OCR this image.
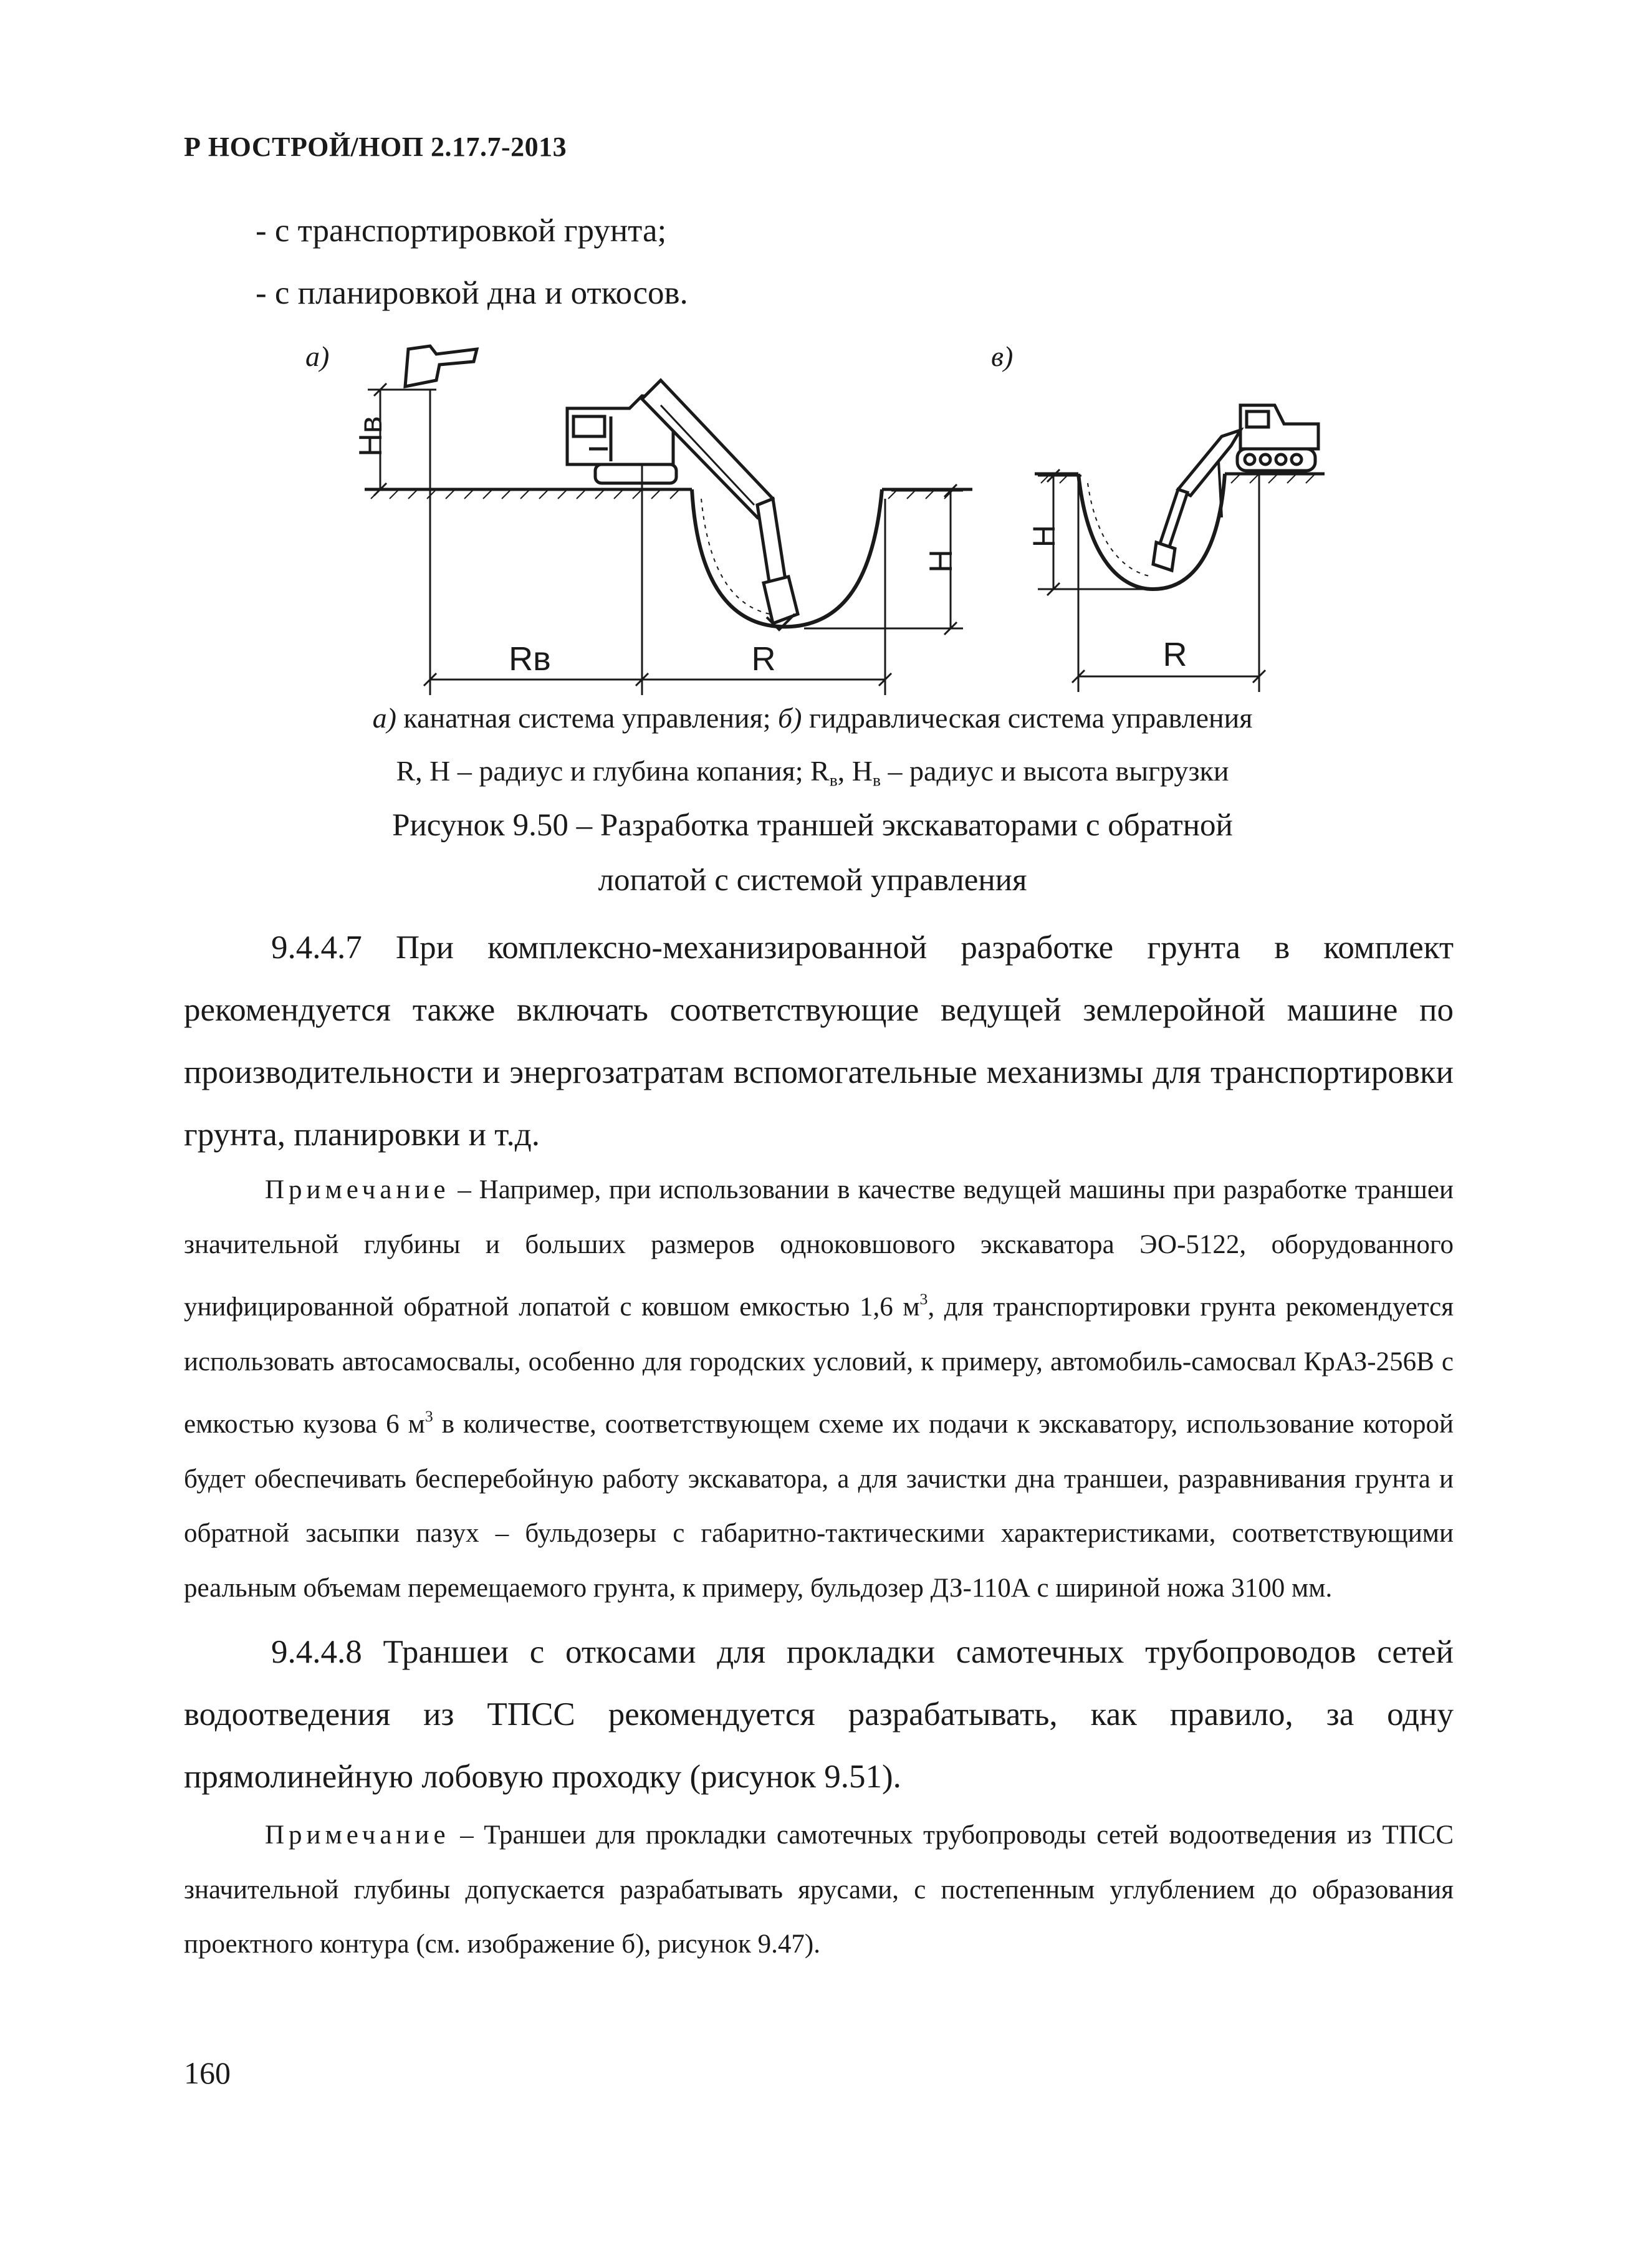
Р НОСТРОЙ/НОП 2.17.7-2013
- с транспортировкой грунта;
- с планировкой дна и откосов.
Нв
Н
Rв	R
Н
R
а)	в)
а) канатная система управления; б) гидравлическая система управления
R, H – радиус и глубина копания; $R_в$, $Н_в$ – радиус и высота выгрузки
Рисунок 9.50 – Разработка траншей экскаваторами с обратной
лопатой с системой управления
9.4.4.7 При комплексно-механизированной разработке грунта в комплект рекомендуется также включать соответствующие ведущей землеройной машине по производительности и энергозатратам вспомогательные механизмы для транспортировки грунта, планировки и т.д.
Примечание – Например, при использовании в качестве ведущей машины при разработке траншеи значительной глубины и больших размеров одноковшового экскаватора ЭО-5122, оборудованного унифицированной обратной лопатой с ковшом емкостью 1,6 $м^3$, для транспортировки грунта рекомендуется использовать автосамосвалы, особенно для городских условий, к примеру, автомобиль-самосвал КрАЗ-256В с емкостью кузова 6 $м^3$ в количестве, соответствующем схеме их подачи к экскаватору, использование которой будет обеспечивать бесперебойную работу экскаватора, а для зачистки дна траншеи, разравнивания грунта и обратной засыпки пазух – бульдозеры с габаритно-тактическими характеристиками, соответствующими реальным объемам перемещаемого грунта, к примеру, бульдозер ДЗ-110А с шириной ножа 3100 мм.
9.4.4.8 Траншеи с откосами для прокладки самотечных трубопроводов сетей водоотведения из ТПСС рекомендуется разрабатывать, как правило, за одну прямолинейную лобовую проходку (рисунок 9.51).
Примечание – Траншеи для прокладки самотечных трубопроводы сетей водоотведения из ТПСС значительной глубины допускается разрабатывать ярусами, с постепенным углублением до образования проектного контура (см. изображение б), рисунок 9.47).
160
